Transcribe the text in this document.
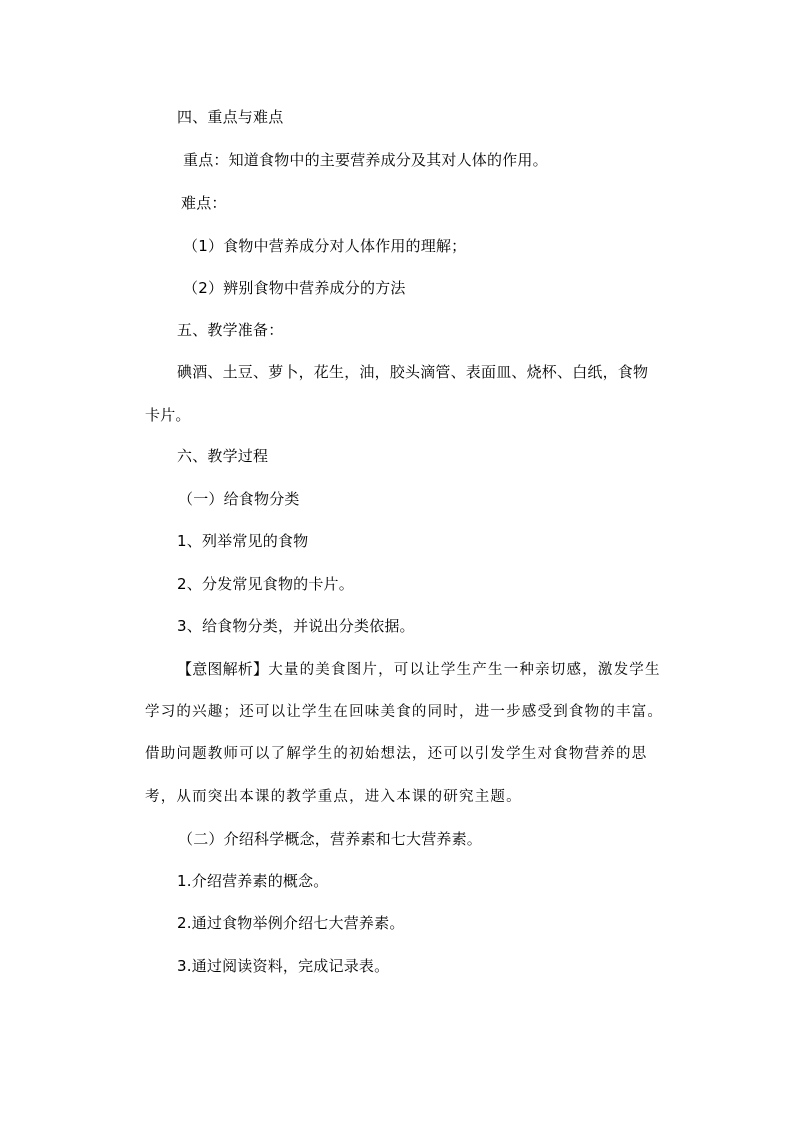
四、重点与难点
重点：知道食物中的主要营养成分及其对人体的作用。
难点：
（1）食物中营养成分对人体作用的理解；
（2）辨别食物中营养成分的方法
五、教学准备：
碘酒、土豆、萝卜，花生，油，胶头滴管、表面皿、烧杯、白纸，食物
卡片。
六、教学过程
（一）给食物分类
1、列举常见的食物
2、分发常见食物的卡片。
3、给食物分类，并说出分类依据。
【意图解析】大量的美食图片，可以让学生产生一种亲切感，激发学生
学习的兴趣；还可以让学生在回味美食的同时，进一步感受到食物的丰富。
借助问题教师可以了解学生的初始想法，还可以引发学生对食物营养的思
考，从而突出本课的教学重点，进入本课的研究主题。
（二）介绍科学概念，营养素和七大营养素。
1.介绍营养素的概念。
2.通过食物举例介绍七大营养素。
3.通过阅读资料，完成记录表。
